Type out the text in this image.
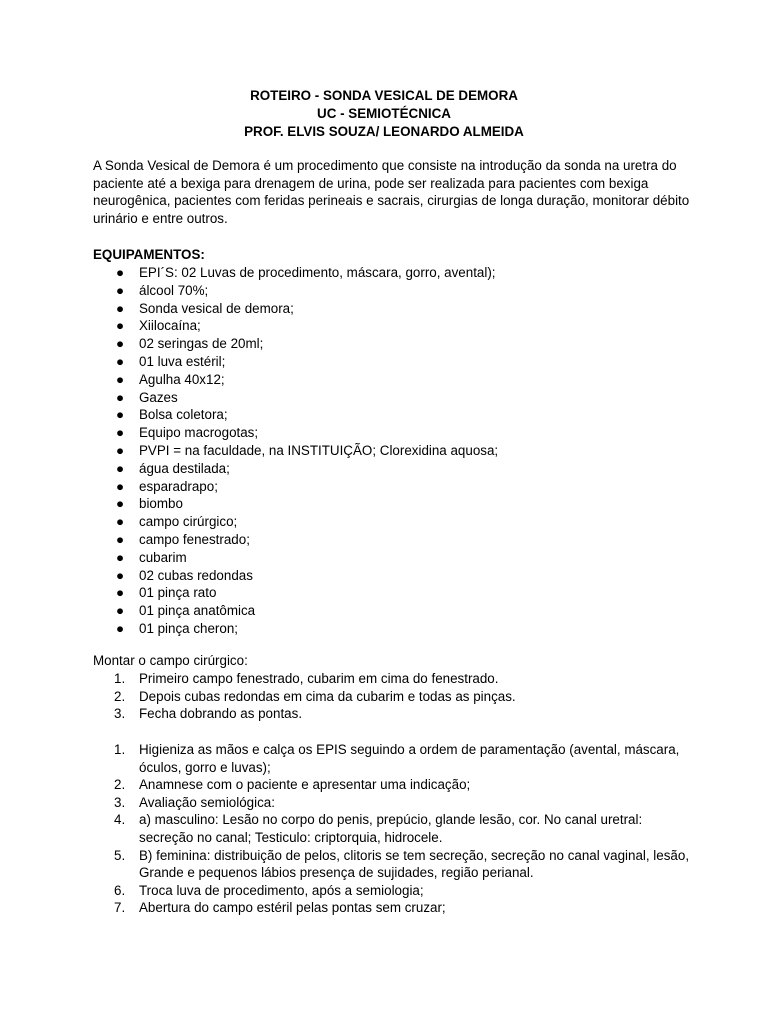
ROTEIRO - SONDA VESICAL DE DEMORA
UC - SEMIOTÉCNICA
PROF. ELVIS SOUZA/ LEONARDO ALMEIDA
A Sonda Vesical de Demora é um procedimento que consiste na introdução da sonda na uretra do paciente até a bexiga para drenagem de urina, pode ser realizada para pacientes com bexiga neurogênica, pacientes com feridas perineais e sacrais, cirurgias de longa duração, monitorar débito urinário e entre outros.
EQUIPAMENTOS:
● EPI´S: 02 Luvas de procedimento, máscara, gorro, avental);
● álcool 70%;
● Sonda vesical de demora;
● Xiilocaína;
● 02 seringas de 20ml;
● 01 luva estéril;
● Agulha 40x12;
● Gazes
● Bolsa coletora;
● Equipo macrogotas;
● PVPI = na faculdade, na INSTITUIÇÃO; Clorexidina aquosa;
● água destilada;
● esparadrapo;
● biombo
● campo cirúrgico;
● campo fenestrado;
● cubarim
● 02 cubas redondas
● 01 pinça rato
● 01 pinça anatômica
● 01 pinça cheron;
Montar o campo cirúrgico:
1. Primeiro campo fenestrado, cubarim em cima do fenestrado.
2. Depois cubas redondas em cima da cubarim e todas as pinças.
3. Fecha dobrando as pontas.
1. Higieniza as mãos e calça os EPIS seguindo a ordem de paramentação (avental, máscara, óculos, gorro e luvas);
2. Anamnese com o paciente e apresentar uma indicação;
3. Avaliação semiológica:
4. a) masculino: Lesão no corpo do penis, prepúcio, glande lesão, cor. No canal uretral: secreção no canal; Testiculo: criptorquia, hidrocele.
5. B) feminina: distribuição de pelos, clitoris se tem secreção, secreção no canal vaginal, lesão, Grande e pequenos lábios presença de sujidades, região perianal.
6. Troca luva de procedimento, após a semiologia;
7. Abertura do campo estéril pelas pontas sem cruzar;
